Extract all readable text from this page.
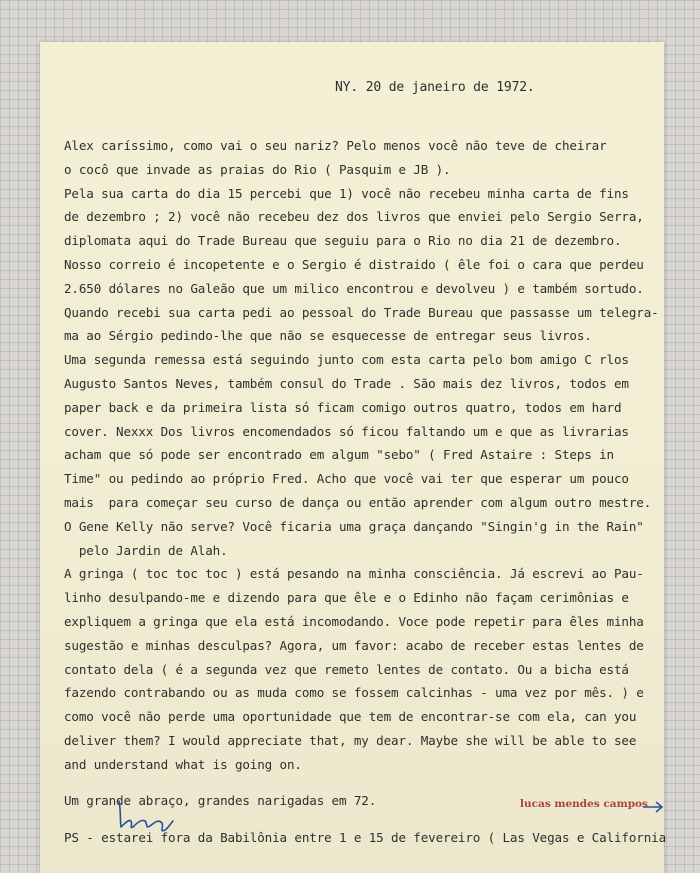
NY. 20 de janeiro de 1972.
Alex caríssimo, como vai o seu nariz? Pelo menos você não teve de cheirar
o cocô que invade as praias do Rio ( Pasquim e JB ).
Pela sua carta do dia 15 percebi que 1) você não recebeu minha carta de fins
de dezembro ; 2) você não recebeu dez dos livros que enviei pelo Sergio Serra,
diplomata aqui do Trade Bureau que seguiu para o Rio no dia 21 de dezembro.
Nosso correio é incopetente e o Sergio é distraido ( êle foi o cara que perdeu
2.650 dólares no Galeão que um milico encontrou e devolveu ) e também sortudo.
Quando recebi sua carta pedi ao pessoal do Trade Bureau que passasse um telegra-
ma ao Sérgio pedindo-lhe que não se esquecesse de entregar seus livros.
Uma segunda remessa está seguindo junto com esta carta pelo bom amigo C rlos
Augusto Santos Neves, também consul do Trade . São mais dez livros, todos em
paper back e da primeira lista só ficam comigo outros quatro, todos em hard
cover. Nexxx Dos livros encomendados só ficou faltando um e que as livrarias
acham que só pode ser encontrado em algum "sebo" ( Fred Astaire : Steps in
Time" ou pedindo ao próprio Fred. Acho que você vai ter que esperar um pouco
mais  para começar seu curso de dança ou então aprender com algum outro mestre.
O Gene Kelly não serve? Você ficaria uma graça dançando "Singin'g in the Rain"
pelo Jardin de Alah.
A gringa ( toc toc toc ) está pesando na minha consciência. Já escrevi ao Pau-
linho desulpando-me e dizendo para que êle e o Edinho não façam cerimônias e
expliquem a gringa que ela está incomodando. Voce pode repetir para êles minha
sugestão e minhas desculpas? Agora, um favor: acabo de receber estas lentes de
contato dela ( é a segunda vez que remeto lentes de contato. Ou a bicha está
fazendo contrabando ou as muda como se fossem calcinhas - uma vez por mês. ) e
como você não perde uma oportunidade que tem de encontrar-se com ela, can you
deliver them? I would appreciate that, my dear. Maybe she will be able to see
and understand what is going on.
Um grande abraço, grandes narigadas em 72.	lucas mendes campos
PS - estarei fora da Babilônia entre 1 e 15 de fevereiro ( Las Vegas e California
